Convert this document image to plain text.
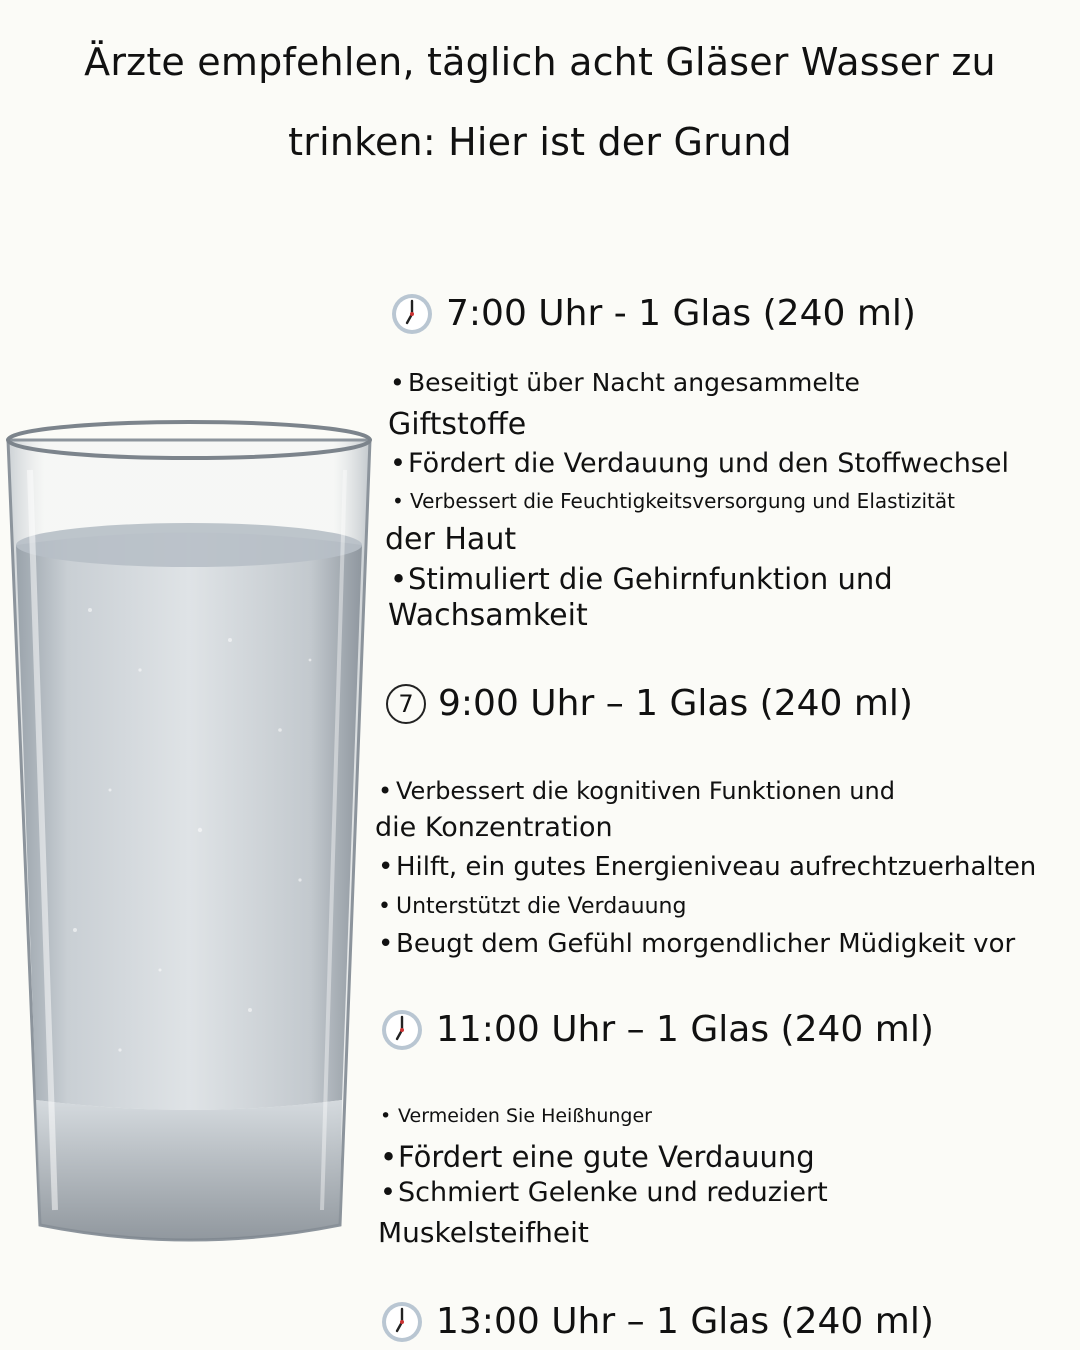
Ärzte empfehlen, täglich acht Gläser Wasser zu
trinken: Hier ist der Grund
7:00 Uhr - 1 Glas (240 ml)
• Beseitigt über Nacht angesammelte
Giftstoffe
•Fördert die Verdauung und den Stoffwechsel
• Verbessert die Feuchtigkeitsversorgung und Elastizität
der Haut
•Stimuliert die Gehirnfunktion und
Wachsamkeit
7 9:00 Uhr – 1 Glas (240 ml)
• Verbessert die kognitiven Funktionen und
die Konzentration
• Hilft, ein gutes Energieniveau aufrechtzuerhalten
• Unterstützt die Verdauung
• Beugt dem Gefühl morgendlicher Müdigkeit vor
11:00 Uhr – 1 Glas (240 ml)
• Vermeiden Sie Heißhunger
•Fördert eine gute Verdauung
•Schmiert Gelenke und reduziert
Muskelsteifheit
13:00 Uhr – 1 Glas (240 ml)
